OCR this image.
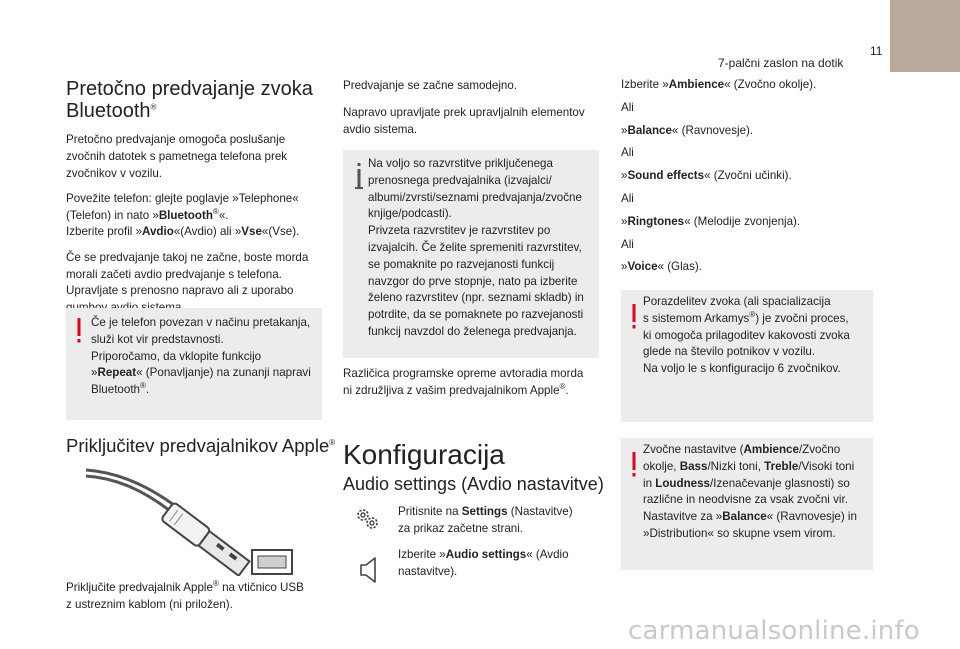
11
7-palčni zaslon na dotik
Pretočno predvajanje zvoka
Bluetooth®

Pretočno predvajanje omogoča poslušanje
zvočnih datotek s pametnega telefona prek
zvočnikov v vozilu.

Povežite telefon: glejte poglavje »Telephone«
(Telefon) in nato »Bluetooth®«.
Izberite profil »Avdio«(Avdio) ali »Vse«(Vse).

Če se predvajanje takoj ne začne, boste morda
morali začeti avdio predvajanje s telefona.
Upravljate s prenosno napravo ali z uporabo

Če je telefon povezan v načinu pretakanja,
služi kot vir predstavnosti.
Priporočamo, da vklopite funkcijo
»Repeat« (Ponavljanje) na zunanji napravi
Bluetooth®.
Priključitev predvajalnikov Apple®
Priključite predvajalnik Apple® na vtičnico USB
z ustreznim kablom (ni priložen).

Predvajanje se začne samodejno.

Napravo upravljate prek upravljalnih elementov
avdio sistema.

Na voljo so razvrstitve priključenega
prenosnega predvajalnika (izvajalci/
albumi/zvrsti/seznami predvajanja/zvočne
knjige/podcasti).
Privzeta razvrstitev je razvrstitev po
izvajalcih. Če želite spremeniti razvrstitev,
se pomaknite po razvejanosti funkcij
navzgor do prve stopnje, nato pa izberite
želeno razvrstitev (npr. seznami skladb) in
potrdite, da se pomaknete po razvejanosti
funkcij navzdol do želenega predvajanja.
Različica programske opreme avtoradia morda
ni združljiva z vašim predvajalnikom Apple®.
Konfiguracija
Audio settings (Avdio nastavitve)
Pritisnite na Settings (Nastavitve)
za prikaz začetne strani.
Izberite »Audio settings« (Avdio
nastavitve).

Izberite »Ambience« (Zvočno okolje).

Ali

»Balance« (Ravnovesje).

Ali

»Sound effects« (Zvočni učinki).

Ali

»Ringtones« (Melodije zvonjenja).

Ali

»Voice« (Glas).

Porazdelitev zvoka (ali spacializacija
s sistemom Arkamys®) je zvočni proces,
ki omogoča prilagoditev kakovosti zvoka
glede na število potnikov v vozilu.
Na voljo le s konfiguracijo 6 zvočnikov.
Zvočne nastavitve (Ambience/Zvočno
okolje, Bass/Nizki toni, Treble/Visoki toni
in Loudness/Izenačevanje glasnosti) so
različne in neodvisne za vsak zvočni vir.
Nastavitve za »Balance« (Ravnovesje) in
»Distribution« so skupne vsem virom.
carmanualsonline.info
